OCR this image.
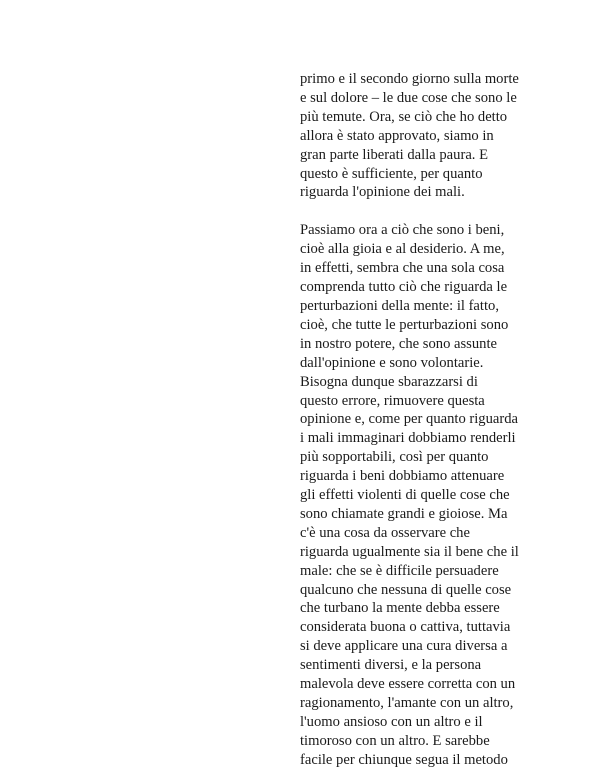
primo e il secondo giorno sulla morte
e sul dolore – le due cose che sono le
più temute. Ora, se ciò che ho detto
allora è stato approvato, siamo in
gran parte liberati dalla paura. E
questo è sufficiente, per quanto
riguarda l'opinione dei mali.
Passiamo ora a ciò che sono i beni,
cioè alla gioia e al desiderio. A me,
in effetti, sembra che una sola cosa
comprenda tutto ciò che riguarda le
perturbazioni della mente: il fatto,
cioè, che tutte le perturbazioni sono
in nostro potere, che sono assunte
dall'opinione e sono volontarie.
Bisogna dunque sbarazzarsi di
questo errore, rimuovere questa
opinione e, come per quanto riguarda
i mali immaginari dobbiamo renderli
più sopportabili, così per quanto
riguarda i beni dobbiamo attenuare
gli effetti violenti di quelle cose che
sono chiamate grandi e gioiose. Ma
c'è una cosa da osservare che
riguarda ugualmente sia il bene che il
male: che se è difficile persuadere
qualcuno che nessuna di quelle cose
che turbano la mente debba essere
considerata buona o cattiva, tuttavia
si deve applicare una cura diversa a
sentimenti diversi, e la persona
malevola deve essere corretta con un
ragionamento, l'amante con un altro,
l'uomo ansioso con un altro e il
timoroso con un altro. E sarebbe
facile per chiunque segua il metodo
